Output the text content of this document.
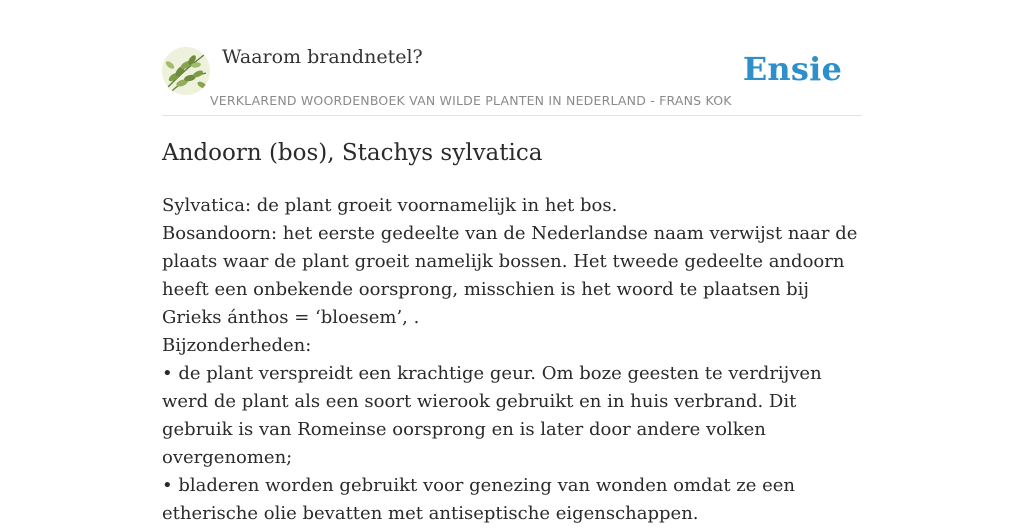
Waarom brandnetel?	Ensie
VERKLAREND WOORDENBOEK VAN WILDE PLANTEN IN NEDERLAND - FRANS KOK
Andoorn (bos), Stachys sylvatica

Sylvatica: de plant groeit voornamelijk in het bos.

Bosandoorn: het eerste gedeelte van de Nederlandse naam verwijst naar de plaats waar de plant groeit namelijk bossen. Het tweede gedeelte andoorn heeft een onbekende oorsprong, misschien is het woord te plaatsen bij Grieks ánthos = ‘bloesem’, .

Bijzonderheden:

• de plant verspreidt een krachtige geur. Om boze geesten te verdrijven werd de plant als een soort wierook gebruikt en in huis verbrand. Dit gebruik is van Romeinse oorsprong en is later door andere volken overgenomen;

• bladeren worden gebruikt voor genezing van wonden omdat ze een etherische olie bevatten met antiseptische eigenschappen.
